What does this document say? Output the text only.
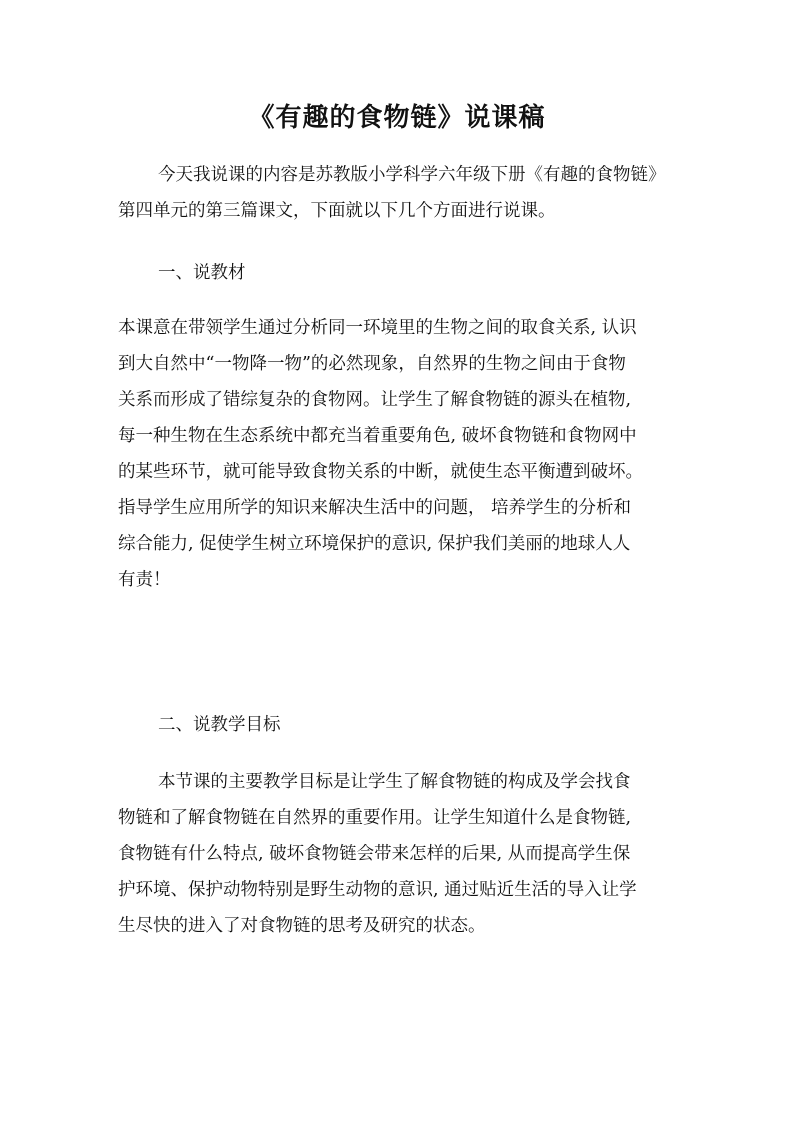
《有趣的食物链》说课稿
今天我说课的内容是苏教版小学科学六年级下册《有趣的食物链》
第四单元的第三篇课文，下面就以下几个方面进行说课。
一、说教材
本课意在带领学生通过分析同一环境里的生物之间的取食关系, 认识
到大自然中“一物降一物”的必然现象，自然界的生物之间由于食物
关系而形成了错综复杂的食物网。让学生了解食物链的源头在植物,
每一种生物在生态系统中都充当着重要角色, 破坏食物链和食物网中
的某些环节，就可能导致食物关系的中断，就使生态平衡遭到破坏。
指导学生应用所学的知识来解决生活中的问题， 培养学生的分析和
综合能力, 促使学生树立环境保护的意识, 保护我们美丽的地球人人
有责！
二、说教学目标
本节课的主要教学目标是让学生了解食物链的构成及学会找食
物链和了解食物链在自然界的重要作用。让学生知道什么是食物链,
食物链有什么特点, 破坏食物链会带来怎样的后果, 从而提高学生保
护环境、保护动物特别是野生动物的意识, 通过贴近生活的导入让学
生尽快的进入了对食物链的思考及研究的状态。
